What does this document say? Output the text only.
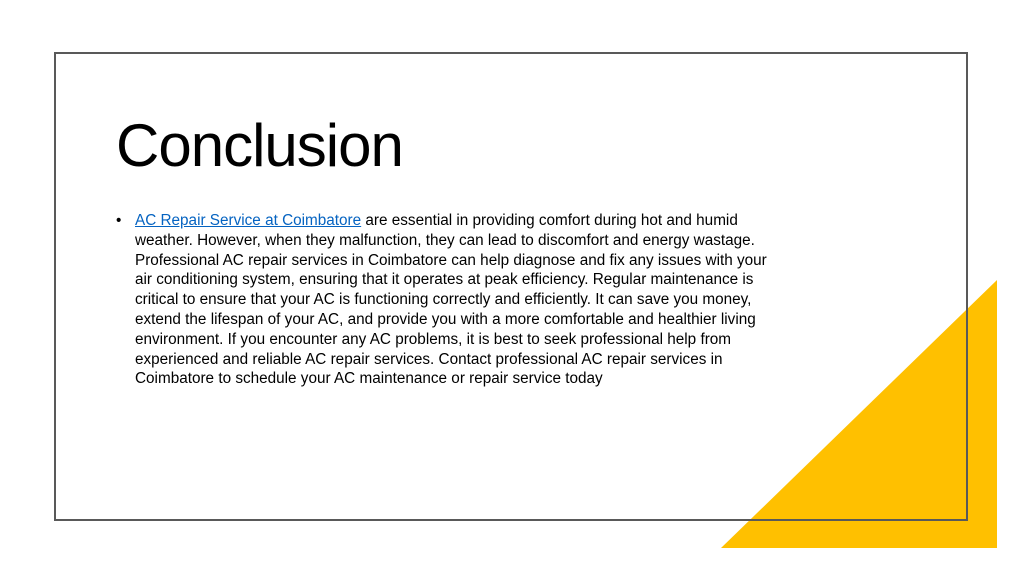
Conclusion
• AC Repair Service at Coimbatore are essential in providing comfort during hot and humid weather. However, when they malfunction, they can lead to discomfort and energy wastage. Professional AC repair services in Coimbatore can help diagnose and fix any issues with your air conditioning system, ensuring that it operates at peak efficiency. Regular maintenance is critical to ensure that your AC is functioning correctly and efficiently. It can save you money, extend the lifespan of your AC, and provide you with a more comfortable and healthier living environment. If you encounter any AC problems, it is best to seek professional help from experienced and reliable AC repair services. Contact professional AC repair services in Coimbatore to schedule your AC maintenance or repair service today
